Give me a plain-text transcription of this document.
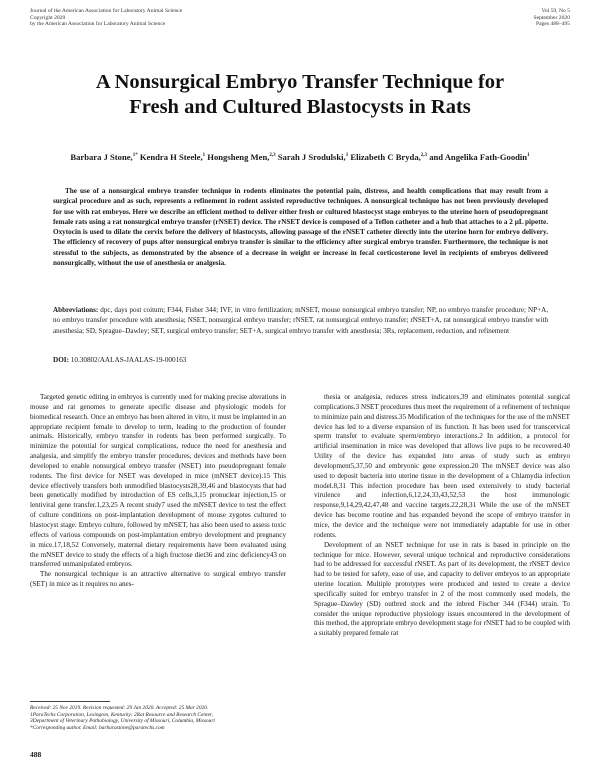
Journal of the American Association for Laboratory Animal Science
Copyright 2020
by the American Association for Laboratory Animal Science
Vol 59, No 5
September 2020
Pages 488–495
A Nonsurgical Embryo Transfer Technique for
Fresh and Cultured Blastocysts in Rats
Barbara J Stone,$^{1*}$ Kendra H Steele,$^1$ Hongsheng Men,$^{2,3}$ Sarah J Srodulski,$^1$ Elizabeth C Bryda,$^{2,3}$ and Angelika Fath-Goodin$^1$

The use of a nonsurgical embryo transfer technique in rodents eliminates the potential pain, distress, and health complications that may result from a surgical procedure and as such, represents a refinement in rodent assisted reproductive techniques. A nonsurgical technique has not been previously developed for use with rat embryos. Here we describe an efficient method to deliver either fresh or cultured blastocyst stage embryos to the uterine horn of pseudopregnant female rats using a rat nonsurgical embryo transfer (rNSET) device. The rNSET device is composed of a Teflon catheter and a hub that attaches to a 2 µL pipette. Oxytocin is used to dilate the cervix before the delivery of blastocysts, allowing passage of the rNSET catheter directly into the uterine horn for embryo delivery. The efficiency of recovery of pups after nonsurgical embryo transfer is similar to the efficiency after surgical embryo transfer. Furthermore, the technique is not stressful to the subjects, as demonstrated by the absence of a decrease in weight or increase in fecal corticosterone level in recipients of embryos delivered nonsurgically, without the use of anesthesia or analgesia.

Abbreviations: dpc, days post coitum; F344, Fisher 344; IVF, in vitro fertilization; mNSET, mouse nonsurgical embryo transfer; NP, no embryo transfer procedure; NP+A, no embryo transfer procedure with anesthesia; NSET, nonsurgical embryo transfer; rNSET, rat nonsurgical embryo transfer; rNSET+A, rat nonsurgical embryo transfer with anesthesia; SD, Sprague–Dawley; SET, surgical embryo transfer; SET+A, surgical embryo transfer with anesthesia; 3Rs, replacement, reduction, and refinement

DOI: 10.30802/AALAS-JAALAS-19-000163

Targeted genetic editing in embryos is currently used for making precise alterations in mouse and rat genomes to generate specific disease and physiologic models for biomedical research. Once an embryo has been altered in vitro, it must be implanted in an appropriate recipient female to develop to term, leading to the production of founder animals. Historically, embryo transfer in rodents has been performed surgically. To minimize the potential for surgical complications, reduce the need for anesthesia and analgesia, and simplify the embryo transfer procedures, devices and methods have been developed to enable nonsurgical embryo transfer (NSET) into pseudopregnant female rodents. The first device for NSET was developed in mice (mNSET device).15 This device effectively transfers both unmodified blastocysts28,39,46 and blastocysts that had been genetically modified by introduction of ES cells,3,15 pronuclear injection,15 or lentiviral gene transfer.1,23,25 A recent study7 used the mNSET device to test the effect of culture conditions on post-implantation development of mouse zygotes cultured to blastocyst stage. Embryo culture, followed by mNSET, has also been used to assess toxic effects of various compounds on post-implantation embryo development and pregnancy in mice.17,18,52 Conversely, maternal dietary requirements have been evaluated using the mNSET device to study the effects of a high fructose diet36 and zinc deficiency43 on transferred unmanipulated embryos.

The nonsurgical technique is an attractive alternative to surgical embryo transfer (SET) in mice as it requires no anes-

thesia or analgesia, reduces stress indicators,39 and eliminates potential surgical complications.3 NSET procedures thus meet the requirement of a refinement of technique to minimize pain and distress.35 Modification of the techniques for the use of the mNSET device has led to a diverse expansion of its function. It has been used for transcervical sperm transfer to evaluate sperm/embryo interactions.2 In addition, a protocol for artificial insemination in mice was developed that allows live pups to be recovered.40 Utility of the device has expanded into areas of study such as embryo development5,37,50 and embryonic gene expression.20 The mNSET device was also used to deposit bacteria into uterine tissue in the development of a Chlamydia infection model.8,31 This infection procedure has been used extensively to study bacterial virulence and infection,6,12,24,33,43,52,53 the host immunologic response,9,14,29,42,47,48 and vaccine targets.22,28,31 While the use of the mNSET device has become routine and has expanded beyond the scope of embryo transfer in mice, the device and the technique were not immediately adaptable for use in other rodents.

Development of an NSET technique for use in rats is based in principle on the technique for mice. However, several unique technical and reproductive considerations had to be addressed for successful rNSET. As part of its development, the rNSET device had to be tested for safety, ease of use, and capacity to deliver embryos to an appropriate uterine location. Multiple prototypes were produced and tested to create a device specifically suited for embryo transfer in 2 of the most commonly used models, the Sprague–Dawley (SD) outbred stock and the inbred Fischer 344 (F344) strain. To consider the unique reproductive physiology issues encountered in the development of this method, the appropriate embryo development stage for rNSET had to be coupled with a suitably prepared female rat

Received: 25 Nov 2019. Revision requested: 29 Jan 2020. Accepted: 25 Mar 2020.
1ParaTechs Corporation, Lexington, Kentucky; 2Rat Resource and Research Center,
3Department of Veterinary Pathobiology, University of Missouri, Columbia, Missouri
*Corresponding author. Email: barbarastone@paratechs.com
488
